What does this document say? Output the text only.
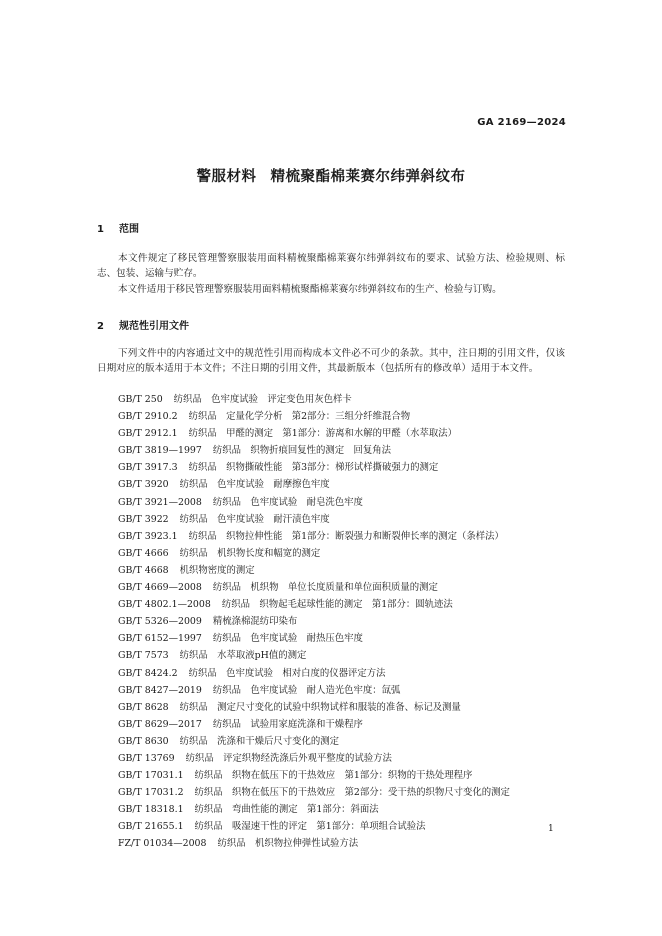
GA 2169—2024
警服材料 精梳聚酯棉莱赛尔纬弹斜纹布
1 范围

本文件规定了移民管理警察服装用面料精梳聚酯棉莱赛尔纬弹斜纹布的要求、试验方法、检验规则、标志、包装、运输与贮存。

本文件适用于移民管理警察服装用面料精梳聚酯棉莱赛尔纬弹斜纹布的生产、检验与订购。

2 规范性引用文件

下列文件中的内容通过文中的规范性引用而构成本文件必不可少的条款。其中，注日期的引用文件，仅该日期对应的版本适用于本文件；不注日期的引用文件，其最新版本（包括所有的修改单）适用于本文件。

GB/T 250 纺织品　色牢度试验　评定变色用灰色样卡
GB/T 2910.2 纺织品　定量化学分析　第2部分：三组分纤维混合物
GB/T 2912.1 纺织品　甲醛的测定　第1部分：游离和水解的甲醛（水萃取法）
GB/T 3819—1997 纺织品　织物折痕回复性的测定　回复角法
GB/T 3917.3 纺织品　织物撕破性能　第3部分：梯形试样撕破强力的测定
GB/T 3920 纺织品　色牢度试验　耐摩擦色牢度
GB/T 3921—2008 纺织品　色牢度试验　耐皂洗色牢度
GB/T 3922 纺织品　色牢度试验　耐汗渍色牢度
GB/T 3923.1 纺织品　织物拉伸性能　第1部分：断裂强力和断裂伸长率的测定（条样法）
GB/T 4666 纺织品　机织物长度和幅宽的测定
GB/T 4668 机织物密度的测定
GB/T 4669—2008 纺织品　机织物　单位长度质量和单位面积质量的测定
GB/T 4802.1—2008 纺织品　织物起毛起球性能的测定　第1部分：圆轨迹法
GB/T 5326—2009 精梳涤棉混纺印染布
GB/T 6152—1997 纺织品　色牢度试验　耐热压色牢度
GB/T 7573 纺织品　水萃取液pH值的测定
GB/T 8424.2 纺织品　色牢度试验　相对白度的仪器评定方法
GB/T 8427—2019 纺织品　色牢度试验　耐人造光色牢度：氙弧
GB/T 8628 纺织品　测定尺寸变化的试验中织物试样和服装的准备、标记及测量
GB/T 8629—2017 纺织品　试验用家庭洗涤和干燥程序
GB/T 8630 纺织品　洗涤和干燥后尺寸变化的测定
GB/T 13769 纺织品　评定织物经洗涤后外观平整度的试验方法
GB/T 17031.1 纺织品　织物在低压下的干热效应　第1部分：织物的干热处理程序
GB/T 17031.2 纺织品　织物在低压下的干热效应　第2部分：受干热的织物尺寸变化的测定
GB/T 18318.1 纺织品　弯曲性能的测定　第1部分：斜面法
GB/T 21655.1 纺织品　吸湿速干性的评定　第1部分：单项组合试验法
FZ/T 01034—2008 纺织品　机织物拉伸弹性试验方法
1
